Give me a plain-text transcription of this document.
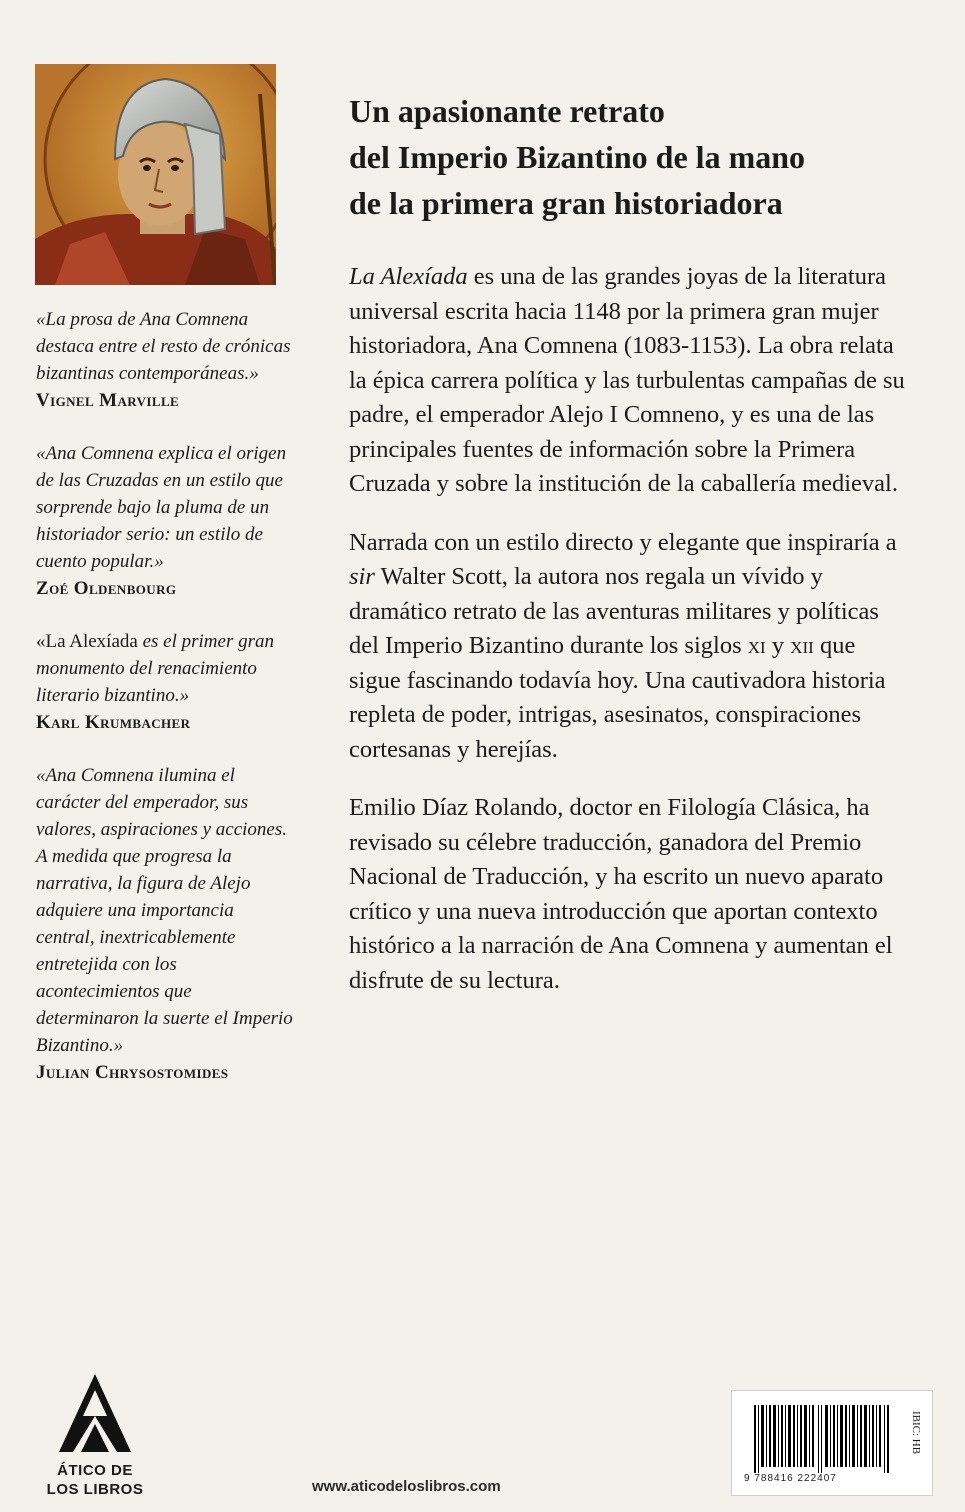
«La prosa de Ana Comnena destaca entre el resto de crónicas bizantinas contemporáneas.»
Vignel Marville
«Ana Comnena explica el origen de las Cruzadas en un estilo que sorprende bajo la pluma de un historiador serio: un estilo de cuento popular.»
Zoé Oldenbourg
«La Alexíada es el primer gran monumento del renacimiento literario bizantino.»
Karl Krumbacher
«Ana Comnena ilumina el carácter del emperador, sus valores, aspiraciones y acciones. A medida que progresa la narrativa, la figura de Alejo adquiere una importancia central, inextricablemente entretejida con los acontecimientos que determinaron la suerte el Imperio Bizantino.»
Julian Chrysostomides
Un apasionante retrato
del Imperio Bizantino de la mano
de la primera gran historiadora

La Alexíada es una de las grandes joyas de la literatura universal escrita hacia 1148 por la primera gran mujer historiadora, Ana Comnena (1083-1153). La obra relata la épica carrera política y las turbulentas campañas de su padre, el emperador Alejo I Comneno, y es una de las principales fuentes de información sobre la Primera Cruzada y sobre la institución de la caballería medieval.

Narrada con un estilo directo y elegante que inspiraría a sir Walter Scott, la autora nos regala un vívido y dramático retrato de las aventuras militares y políticas del Imperio Bizantino durante los siglos xi y xii que sigue fascinando todavía hoy. Una cautivadora historia repleta de poder, intrigas, asesinatos, conspiraciones cortesanas y herejías.

Emilio Díaz Rolando, doctor en Filología Clásica, ha revisado su célebre traducción, ganadora del Premio Nacional de Traducción, y ha escrito un nuevo aparato crítico y una nueva introducción que aportan contexto histórico a la narración de Ana Comnena y aumentan el disfrute de su lectura.

ÁTICO DE
LOS LIBROS	www.aticodeloslibros.com	9 788416 222407
IBIC: HB
